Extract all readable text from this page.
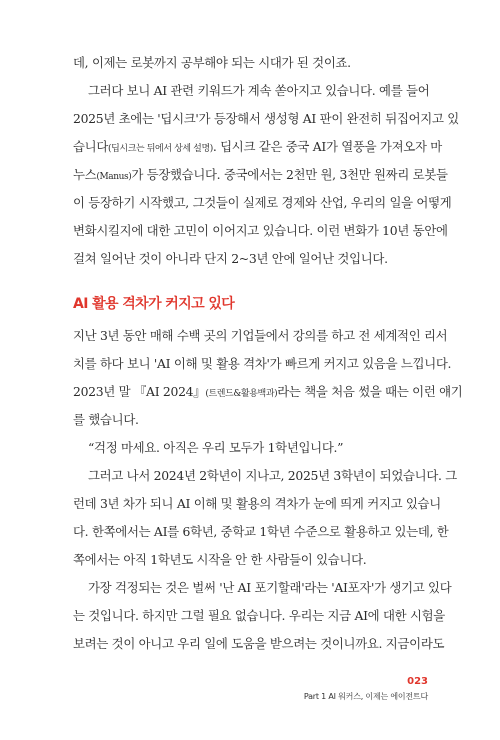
데, 이제는 로봇까지 공부해야 되는 시대가 된 것이죠.
그러다 보니 AI 관련 키워드가 계속 쏟아지고 있습니다. 예를 들어
2025년 초에는 '딥시크'가 등장해서 생성형 AI 판이 완전히 뒤집어지고 있
습니다(딥시크는 뒤에서 상세 설명). 딥시크 같은 중국 AI가 열풍을 가져오자 마
누스(Manus)가 등장했습니다. 중국에서는 2천만 원, 3천만 원짜리 로봇들
이 등장하기 시작했고, 그것들이 실제로 경제와 산업, 우리의 일을 어떻게
변화시킬지에 대한 고민이 이어지고 있습니다. 이런 변화가 10년 동안에
걸쳐 일어난 것이 아니라 단지 2~3년 안에 일어난 것입니다.
AI 활용 격차가 커지고 있다
지난 3년 동안 매해 수백 곳의 기업들에서 강의를 하고 전 세계적인 리서
치를 하다 보니 'AI 이해 및 활용 격차'가 빠르게 커지고 있음을 느낍니다.
2023년 말 『AI 2024』(트렌드&활용백과)라는 책을 처음 썼을 때는 이런 얘기
를 했습니다.
“걱정 마세요. 아직은 우리 모두가 1학년입니다.”
그러고 나서 2024년 2학년이 지나고, 2025년 3학년이 되었습니다. 그
런데 3년 차가 되니 AI 이해 및 활용의 격차가 눈에 띄게 커지고 있습니
다. 한쪽에서는 AI를 6학년, 중학교 1학년 수준으로 활용하고 있는데, 한
쪽에서는 아직 1학년도 시작을 안 한 사람들이 있습니다.
가장 걱정되는 것은 벌써 '난 AI 포기할래'라는 'AI포자'가 생기고 있다
는 것입니다. 하지만 그럴 필요 없습니다. 우리는 지금 AI에 대한 시험을
보려는 것이 아니고 우리 일에 도움을 받으려는 것이니까요. 지금이라도
023
Part 1 AI 워커스, 이제는 에이전트다
